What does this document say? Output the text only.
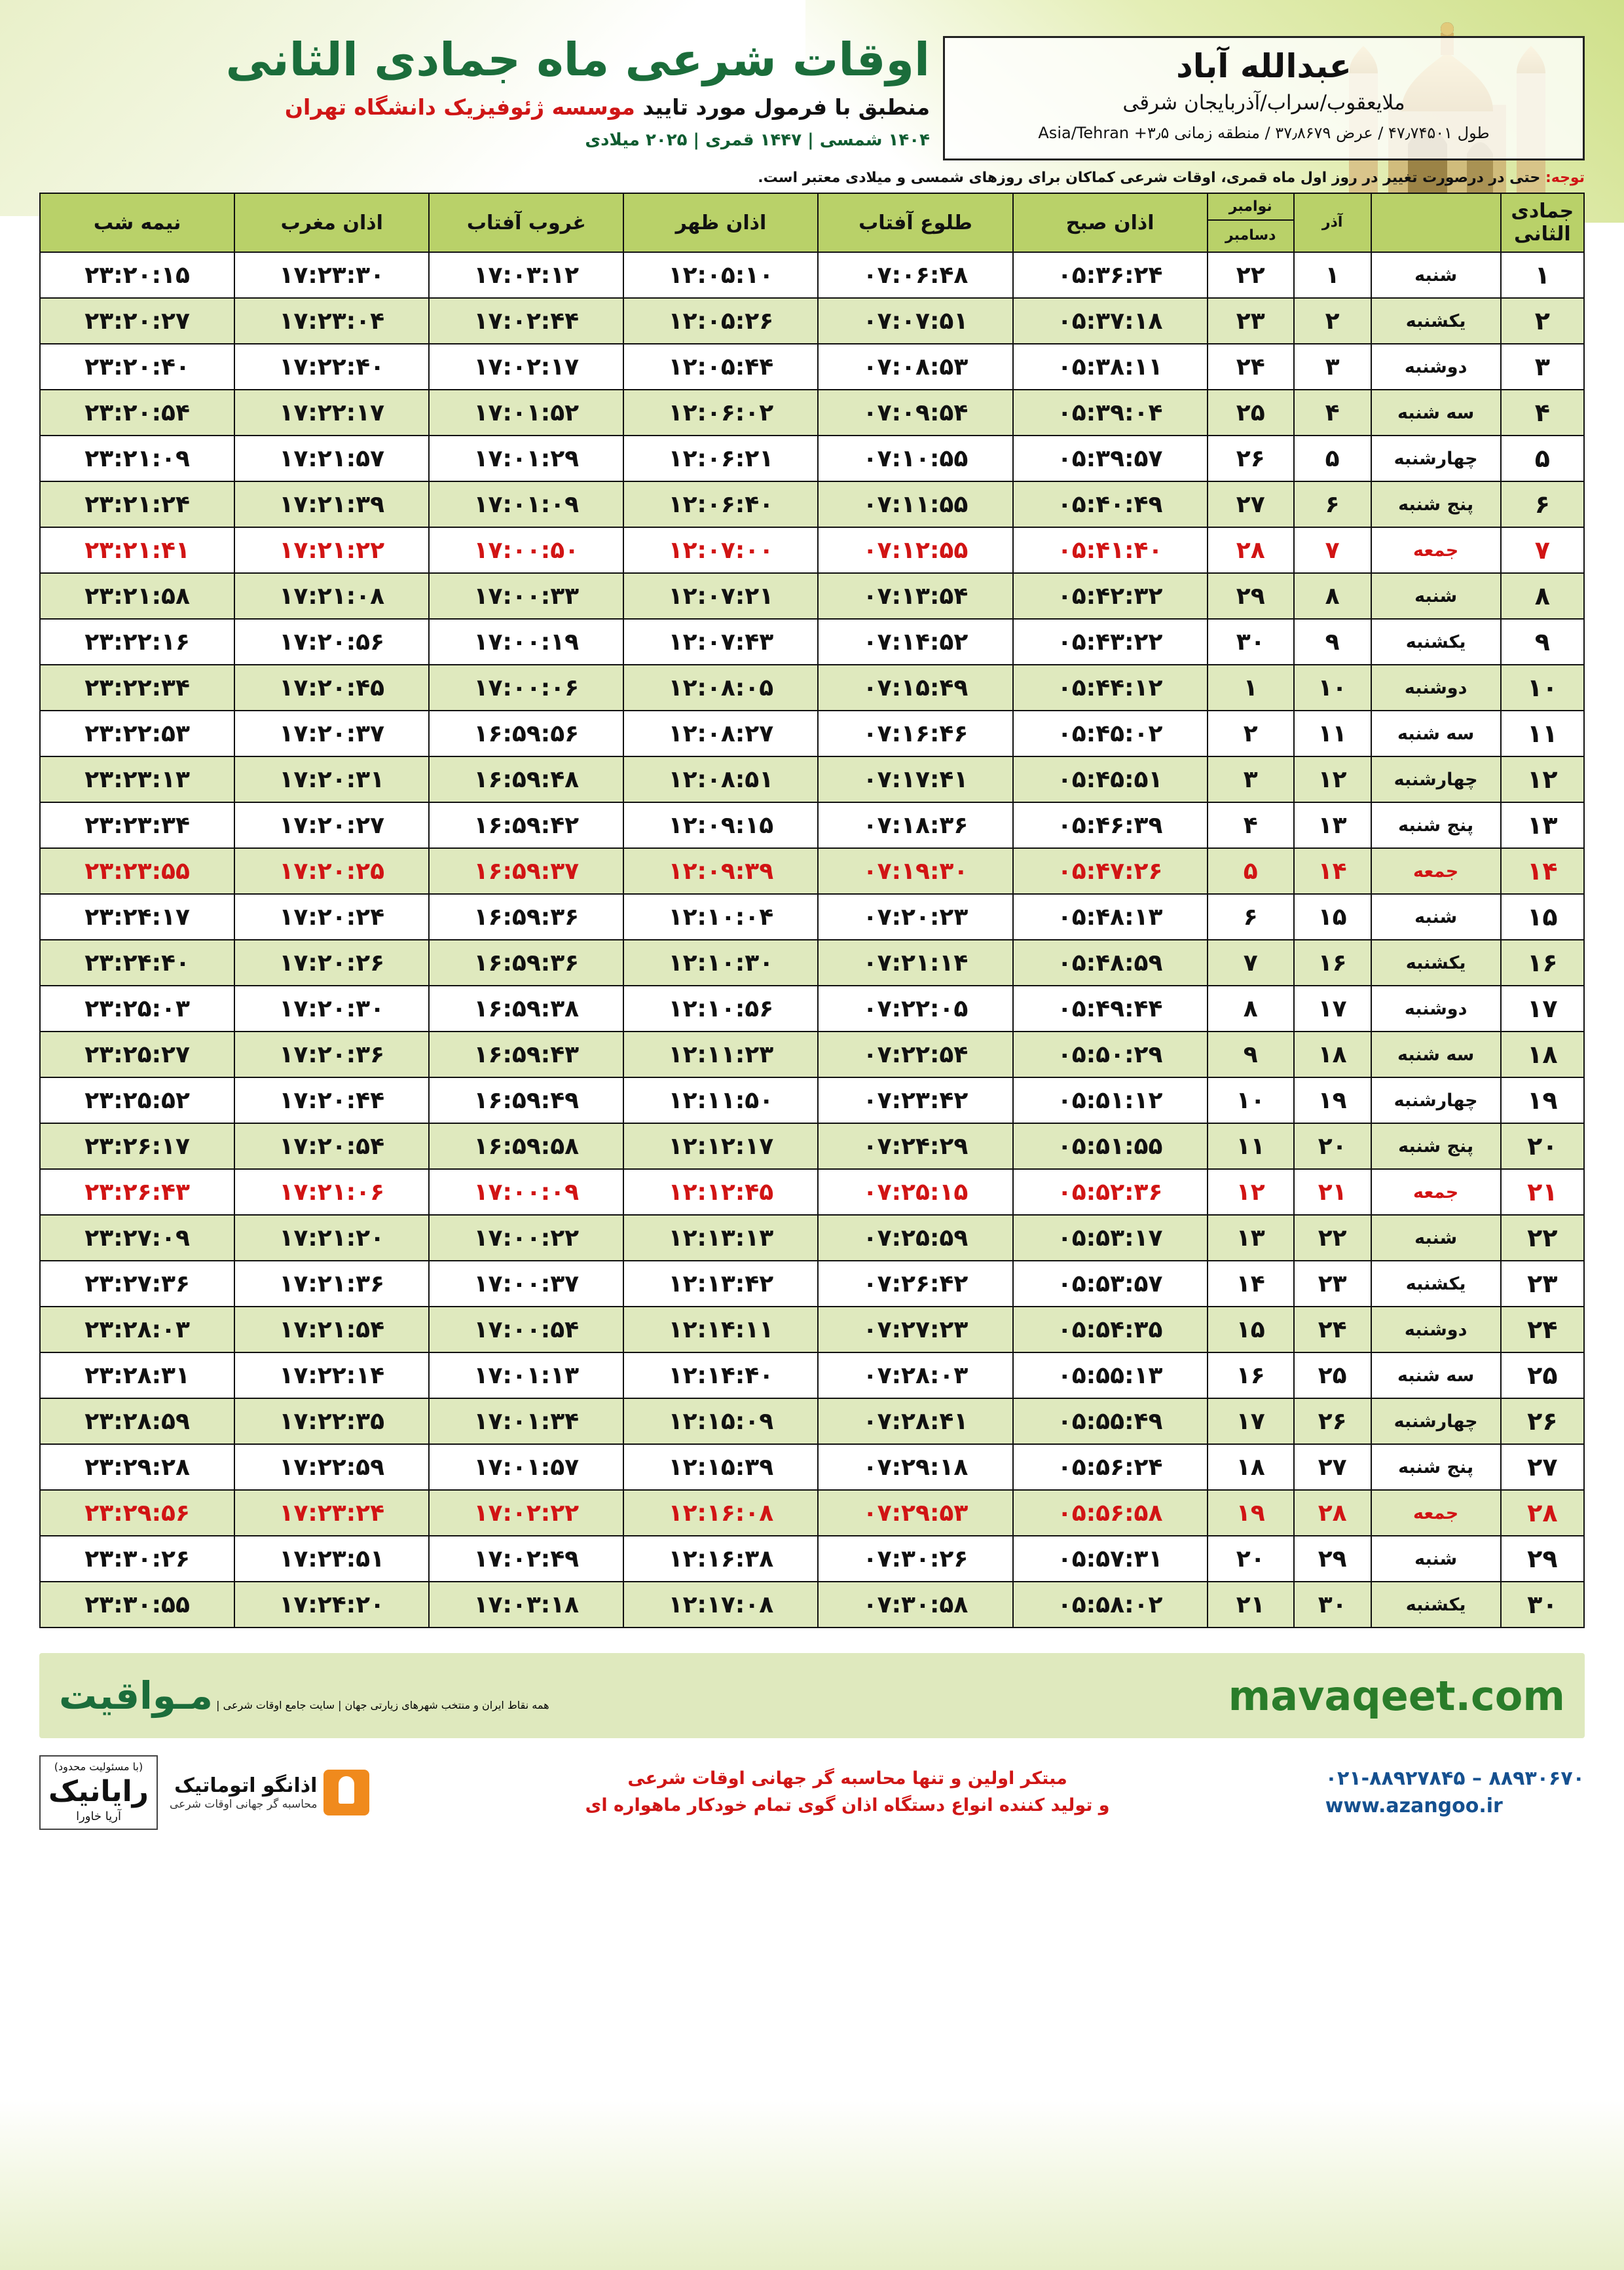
عبدالله آباد
ملایعقوب/سراب/آذربایجان شرقی
طول ۴۷٫۷۴۵۰۱ / عرض ۳۷٫۸۶۷۹ / منطقه زمانی ۳٫۵+ Asia/Tehran
اوقات شرعی ماه جمادی الثانی
منطبق با فرمول مورد تایید موسسه ژئوفیزیک دانشگاه تهران
۱۴۰۴ شمسی | ۱۴۴۷ قمری | ۲۰۲۵ میلادی
توجه: حتی در درصورت تغییر در روز اول ماه قمری، اوقات شرعی کماکان برای روزهای شمسی و میلادی معتبر است.
جمادی الثانی		آذر	نوامبر
دسامبر	اذان صبح	طلوع آفتاب	اذان ظهر	غروب آفتاب	اذان مغرب	نیمه شب
۱	شنبه	۱	۲۲	۰۵:۳۶:۲۴	۰۷:۰۶:۴۸	۱۲:۰۵:۱۰	۱۷:۰۳:۱۲	۱۷:۲۳:۳۰	۲۳:۲۰:۱۵
۲	یکشنبه	۲	۲۳	۰۵:۳۷:۱۸	۰۷:۰۷:۵۱	۱۲:۰۵:۲۶	۱۷:۰۲:۴۴	۱۷:۲۳:۰۴	۲۳:۲۰:۲۷
۳	دوشنبه	۳	۲۴	۰۵:۳۸:۱۱	۰۷:۰۸:۵۳	۱۲:۰۵:۴۴	۱۷:۰۲:۱۷	۱۷:۲۲:۴۰	۲۳:۲۰:۴۰
۴	سه شنبه	۴	۲۵	۰۵:۳۹:۰۴	۰۷:۰۹:۵۴	۱۲:۰۶:۰۲	۱۷:۰۱:۵۲	۱۷:۲۲:۱۷	۲۳:۲۰:۵۴
۵	چهارشنبه	۵	۲۶	۰۵:۳۹:۵۷	۰۷:۱۰:۵۵	۱۲:۰۶:۲۱	۱۷:۰۱:۲۹	۱۷:۲۱:۵۷	۲۳:۲۱:۰۹
۶	پنج شنبه	۶	۲۷	۰۵:۴۰:۴۹	۰۷:۱۱:۵۵	۱۲:۰۶:۴۰	۱۷:۰۱:۰۹	۱۷:۲۱:۳۹	۲۳:۲۱:۲۴
۷	جمعه	۷	۲۸	۰۵:۴۱:۴۰	۰۷:۱۲:۵۵	۱۲:۰۷:۰۰	۱۷:۰۰:۵۰	۱۷:۲۱:۲۲	۲۳:۲۱:۴۱
۸	شنبه	۸	۲۹	۰۵:۴۲:۳۲	۰۷:۱۳:۵۴	۱۲:۰۷:۲۱	۱۷:۰۰:۳۳	۱۷:۲۱:۰۸	۲۳:۲۱:۵۸
۹	یکشنبه	۹	۳۰	۰۵:۴۳:۲۲	۰۷:۱۴:۵۲	۱۲:۰۷:۴۳	۱۷:۰۰:۱۹	۱۷:۲۰:۵۶	۲۳:۲۲:۱۶
۱۰	دوشنبه	۱۰	۱	۰۵:۴۴:۱۲	۰۷:۱۵:۴۹	۱۲:۰۸:۰۵	۱۷:۰۰:۰۶	۱۷:۲۰:۴۵	۲۳:۲۲:۳۴
۱۱	سه شنبه	۱۱	۲	۰۵:۴۵:۰۲	۰۷:۱۶:۴۶	۱۲:۰۸:۲۷	۱۶:۵۹:۵۶	۱۷:۲۰:۳۷	۲۳:۲۲:۵۳
۱۲	چهارشنبه	۱۲	۳	۰۵:۴۵:۵۱	۰۷:۱۷:۴۱	۱۲:۰۸:۵۱	۱۶:۵۹:۴۸	۱۷:۲۰:۳۱	۲۳:۲۳:۱۳
۱۳	پنج شنبه	۱۳	۴	۰۵:۴۶:۳۹	۰۷:۱۸:۳۶	۱۲:۰۹:۱۵	۱۶:۵۹:۴۲	۱۷:۲۰:۲۷	۲۳:۲۳:۳۴
۱۴	جمعه	۱۴	۵	۰۵:۴۷:۲۶	۰۷:۱۹:۳۰	۱۲:۰۹:۳۹	۱۶:۵۹:۳۷	۱۷:۲۰:۲۵	۲۳:۲۳:۵۵
۱۵	شنبه	۱۵	۶	۰۵:۴۸:۱۳	۰۷:۲۰:۲۳	۱۲:۱۰:۰۴	۱۶:۵۹:۳۶	۱۷:۲۰:۲۴	۲۳:۲۴:۱۷
۱۶	یکشنبه	۱۶	۷	۰۵:۴۸:۵۹	۰۷:۲۱:۱۴	۱۲:۱۰:۳۰	۱۶:۵۹:۳۶	۱۷:۲۰:۲۶	۲۳:۲۴:۴۰
۱۷	دوشنبه	۱۷	۸	۰۵:۴۹:۴۴	۰۷:۲۲:۰۵	۱۲:۱۰:۵۶	۱۶:۵۹:۳۸	۱۷:۲۰:۳۰	۲۳:۲۵:۰۳
۱۸	سه شنبه	۱۸	۹	۰۵:۵۰:۲۹	۰۷:۲۲:۵۴	۱۲:۱۱:۲۳	۱۶:۵۹:۴۳	۱۷:۲۰:۳۶	۲۳:۲۵:۲۷
۱۹	چهارشنبه	۱۹	۱۰	۰۵:۵۱:۱۲	۰۷:۲۳:۴۲	۱۲:۱۱:۵۰	۱۶:۵۹:۴۹	۱۷:۲۰:۴۴	۲۳:۲۵:۵۲
۲۰	پنج شنبه	۲۰	۱۱	۰۵:۵۱:۵۵	۰۷:۲۴:۲۹	۱۲:۱۲:۱۷	۱۶:۵۹:۵۸	۱۷:۲۰:۵۴	۲۳:۲۶:۱۷
۲۱	جمعه	۲۱	۱۲	۰۵:۵۲:۳۶	۰۷:۲۵:۱۵	۱۲:۱۲:۴۵	۱۷:۰۰:۰۹	۱۷:۲۱:۰۶	۲۳:۲۶:۴۳
۲۲	شنبه	۲۲	۱۳	۰۵:۵۳:۱۷	۰۷:۲۵:۵۹	۱۲:۱۳:۱۳	۱۷:۰۰:۲۲	۱۷:۲۱:۲۰	۲۳:۲۷:۰۹
۲۳	یکشنبه	۲۳	۱۴	۰۵:۵۳:۵۷	۰۷:۲۶:۴۲	۱۲:۱۳:۴۲	۱۷:۰۰:۳۷	۱۷:۲۱:۳۶	۲۳:۲۷:۳۶
۲۴	دوشنبه	۲۴	۱۵	۰۵:۵۴:۳۵	۰۷:۲۷:۲۳	۱۲:۱۴:۱۱	۱۷:۰۰:۵۴	۱۷:۲۱:۵۴	۲۳:۲۸:۰۳
۲۵	سه شنبه	۲۵	۱۶	۰۵:۵۵:۱۳	۰۷:۲۸:۰۳	۱۲:۱۴:۴۰	۱۷:۰۱:۱۳	۱۷:۲۲:۱۴	۲۳:۲۸:۳۱
۲۶	چهارشنبه	۲۶	۱۷	۰۵:۵۵:۴۹	۰۷:۲۸:۴۱	۱۲:۱۵:۰۹	۱۷:۰۱:۳۴	۱۷:۲۲:۳۵	۲۳:۲۸:۵۹
۲۷	پنج شنبه	۲۷	۱۸	۰۵:۵۶:۲۴	۰۷:۲۹:۱۸	۱۲:۱۵:۳۹	۱۷:۰۱:۵۷	۱۷:۲۲:۵۹	۲۳:۲۹:۲۸
۲۸	جمعه	۲۸	۱۹	۰۵:۵۶:۵۸	۰۷:۲۹:۵۳	۱۲:۱۶:۰۸	۱۷:۰۲:۲۲	۱۷:۲۳:۲۴	۲۳:۲۹:۵۶
۲۹	شنبه	۲۹	۲۰	۰۵:۵۷:۳۱	۰۷:۳۰:۲۶	۱۲:۱۶:۳۸	۱۷:۰۲:۴۹	۱۷:۲۳:۵۱	۲۳:۳۰:۲۶
۳۰	یکشنبه	۳۰	۲۱	۰۵:۵۸:۰۲	۰۷:۳۰:۵۸	۱۲:۱۷:۰۸	۱۷:۰۳:۱۸	۱۷:۲۴:۲۰	۲۳:۳۰:۵۵
mavaqeet.com
همه نقاط ایران و منتخب شهرهای زیارتی جهان | سایت جامع اوقات شرعی | مـواقیت
۰۲۱-۸۸۹۲۷۸۴۵ – ۸۸۹۳۰۶۷۰
www.azangoo.ir
مبتکر اولین و تنها محاسبه گر جهانی اوقات شرعی
و تولید کننده انواع دستگاه اذان گوی تمام خودکار ماهواره ای
اذانگو اتوماتیک
محاسبه گر جهانی اوقات شرعی
(با مسئولیت محدود)
رایانیک
آریا خاورا
